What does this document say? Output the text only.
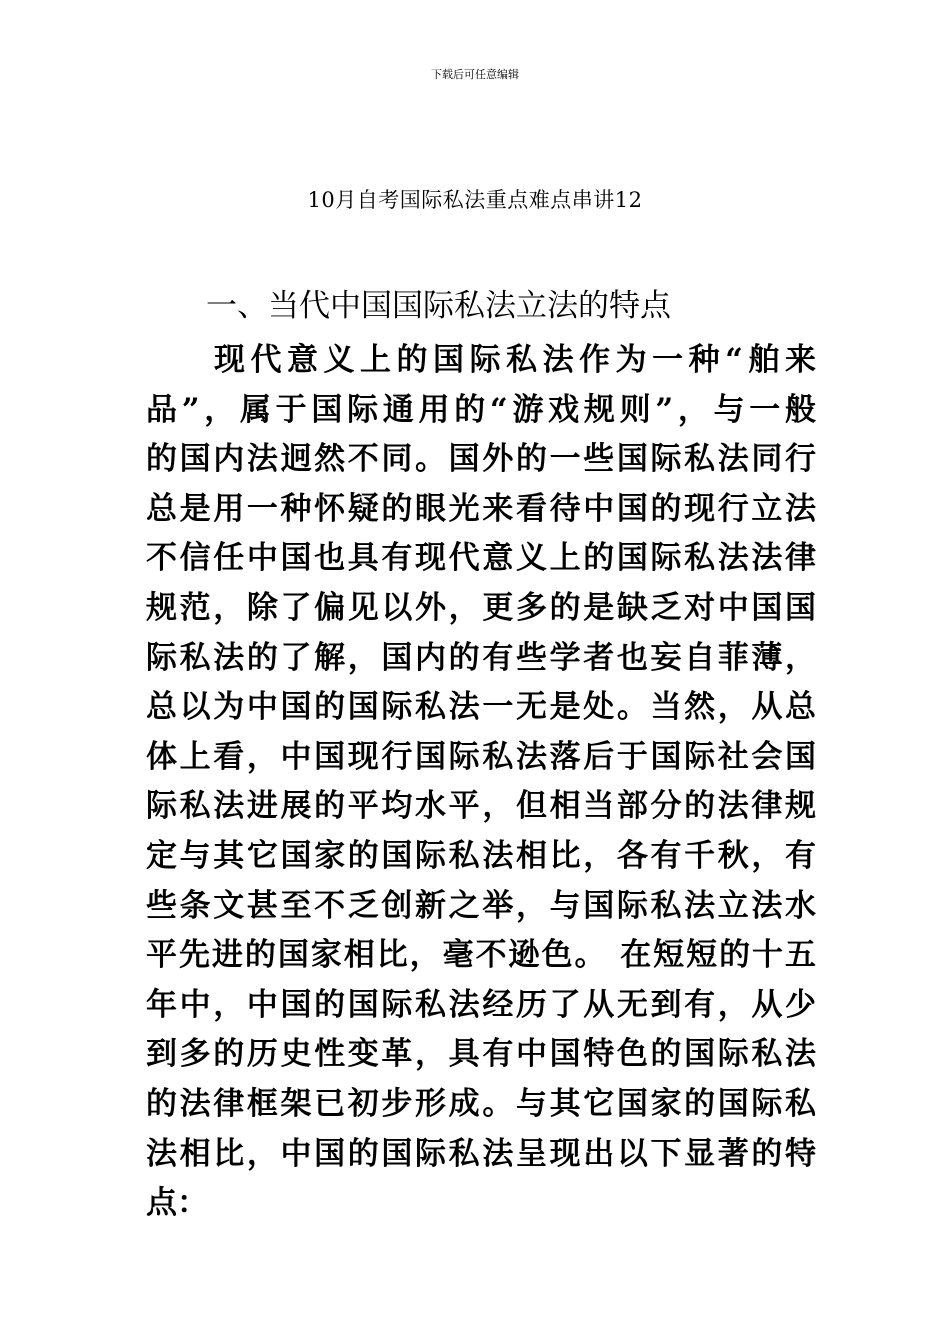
下载后可任意编辑
10月自考国际私法重点难点串讲12
一、当代中国国际私法立法的特点
现代意义上的国际私法作为一种“舶来
品”，属于国际通用的“游戏规则”，与一般
的国内法迥然不同。国外的一些国际私法同行
总是用一种怀疑的眼光来看待中国的现行立法
不信任中国也具有现代意义上的国际私法法律
规范，除了偏见以外，更多的是缺乏对中国国
际私法的了解，国内的有些学者也妄自菲薄，
总以为中国的国际私法一无是处。当然，从总
体上看，中国现行国际私法落后于国际社会国
际私法进展的平均水平，但相当部分的法律规
定与其它国家的国际私法相比，各有千秋，有
些条文甚至不乏创新之举，与国际私法立法水
平先进的国家相比，毫不逊色。 在短短的十五
年中，中国的国际私法经历了从无到有，从少
到多的历史性变革，具有中国特色的国际私法
的法律框架已初步形成。与其它国家的国际私
法相比，中国的国际私法呈现出以下显著的特
点：
